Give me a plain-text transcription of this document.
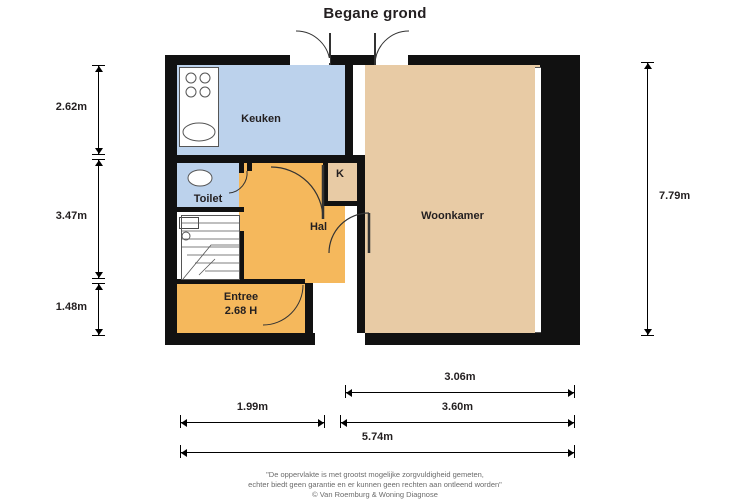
Begane grond
Keuken
Woonkamer
Hal
Toilet
K
Entree
2.68 H
2.62m
3.47m
1.48m
7.79m
3.06m
1.99m	3.60m
5.74m
"De oppervlakte is met grootst mogelijke zorgvuldigheid gemeten,
echter biedt geen garantie en er kunnen geen rechten aan ontleend worden"
© Van Roemburg & Woning Diagnose
